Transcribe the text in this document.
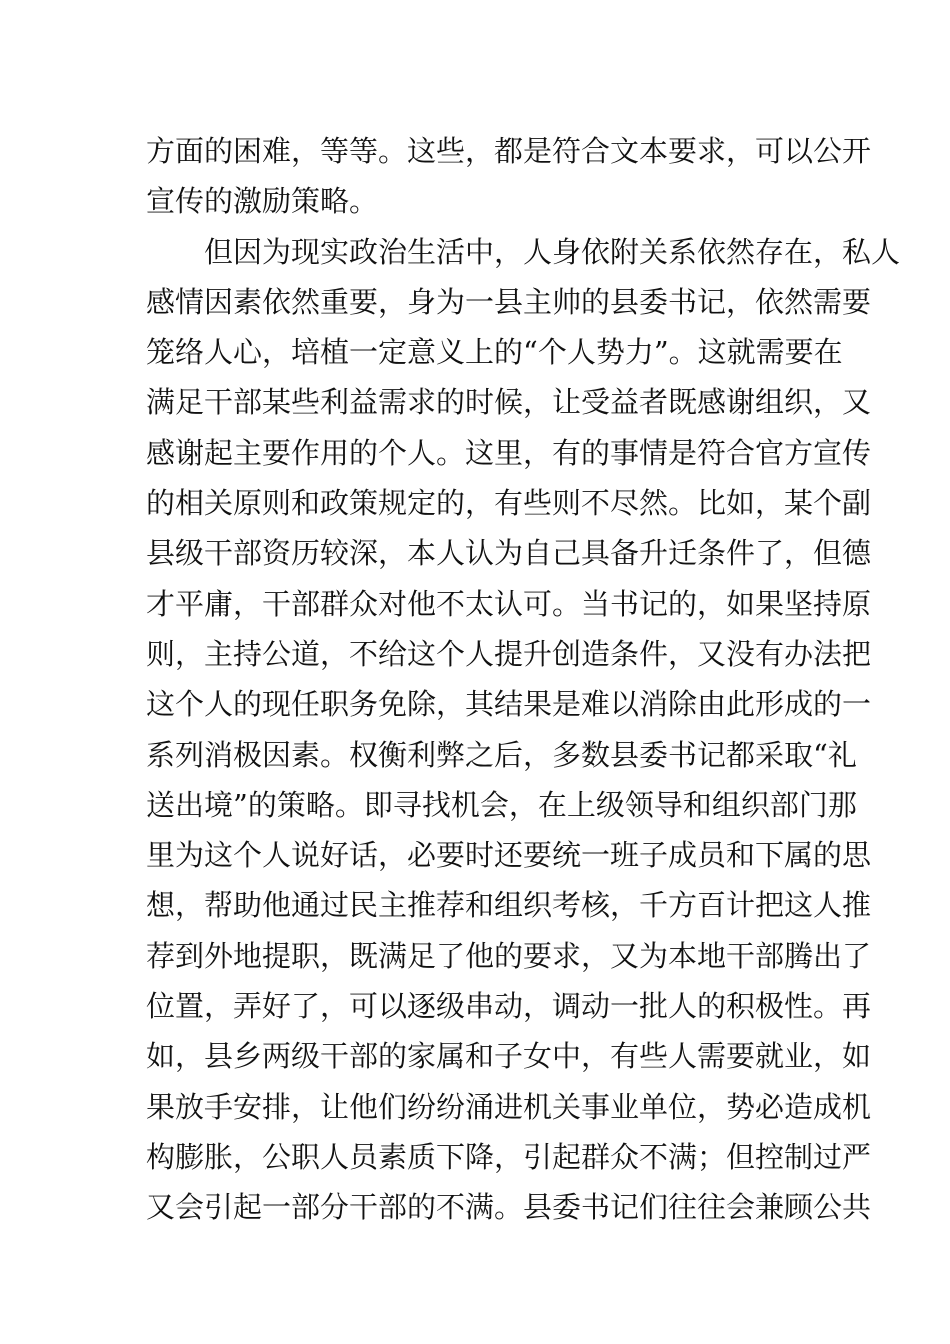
方面的困难，等等。这些，都是符合文本要求，可以公开
宣传的激励策略。
但因为现实政治生活中，人身依附关系依然存在，私人
感情因素依然重要，身为一县主帅的县委书记，依然需要
笼络人心，培植一定意义上的“个人势力”。这就需要在
满足干部某些利益需求的时候，让受益者既感谢组织，又
感谢起主要作用的个人。这里，有的事情是符合官方宣传
的相关原则和政策规定的，有些则不尽然。比如，某个副
县级干部资历较深，本人认为自己具备升迁条件了，但德
才平庸，干部群众对他不太认可。当书记的，如果坚持原
则，主持公道，不给这个人提升创造条件，又没有办法把
这个人的现任职务免除，其结果是难以消除由此形成的一
系列消极因素。权衡利弊之后，多数县委书记都采取“礼
送出境”的策略。即寻找机会，在上级领导和组织部门那
里为这个人说好话，必要时还要统一班子成员和下属的思
想，帮助他通过民主推荐和组织考核，千方百计把这人推
荐到外地提职，既满足了他的要求，又为本地干部腾出了
位置，弄好了，可以逐级串动，调动一批人的积极性。再
如，县乡两级干部的家属和子女中，有些人需要就业，如
果放手安排，让他们纷纷涌进机关事业单位，势必造成机
构膨胀，公职人员素质下降，引起群众不满；但控制过严
又会引起一部分干部的不满。县委书记们往往会兼顾公共
